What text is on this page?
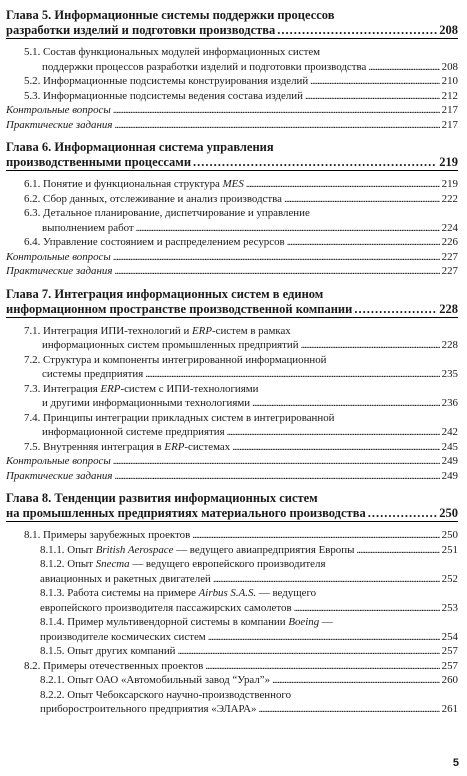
Глава 5. Информационные системы поддержки процессов
разработки изделий и подготовки производства .....	208
5.1. Состав функциональных модулей информационных систем
поддержки процессов разработки изделий и подготовки производства .....	208
5.2. Информационные подсистемы конструирования изделий .....	210
5.3. Информационные подсистемы ведения состава изделий .....	212
Контрольные вопросы .....	217
Практические задания .....	217
Глава 6. Информационная система управления
производственными процессами .....	219
6.1. Понятие и функциональная структура MES .....	219
6.2. Сбор данных, отслеживание и анализ производства .....	222
6.3. Детальное планирование, диспетчирование и управление
выполнением работ .....	224
6.4. Управление состоянием и распределением ресурсов .....	226
Контрольные вопросы .....	227
Практические задания .....	227
Глава 7. Интеграция информационных систем в едином
информационном пространстве производственной компании .....	228
7.1. Интеграция ИПИ-технологий и ERP-систем в рамках
информационных систем промышленных предприятий .....	228
7.2. Структура и компоненты интегрированной информационной
системы предприятия .....	235
7.3. Интеграция ERP-систем с ИПИ-технологиями
и другими информационными технологиями .....	236
7.4. Принципы интеграции прикладных систем в интегрированной
информационной системе предприятия .....	242
7.5. Внутренняя интеграция в ERP-системах .....	245
Контрольные вопросы .....	249
Практические задания .....	249
Глава 8. Тенденции развития информационных систем
на промышленных предприятиях материального производства .....	250
8.1. Примеры зарубежных проектов .....	250
8.1.1. Опыт British Aerospace — ведущего авиапредприятия Европы .....	251
8.1.2. Опыт Snecma — ведущего европейского производителя
авиационных и ракетных двигателей .....	252
8.1.3. Работа системы на примере Airbus S.A.S. — ведущего
европейского производителя пассажирских самолетов .....	253
8.1.4. Пример мультивендорной системы в компании Boeing —
производителе космических систем .....	254
8.1.5. Опыт других компаний .....	257
8.2. Примеры отечественных проектов .....	257
8.2.1. Опыт ОАО «Автомобильный завод “Урал”» .....	260
8.2.2. Опыт Чебоксарского научно-производственного
приборостроительного предприятия «ЭЛАРА» .....	261
5
